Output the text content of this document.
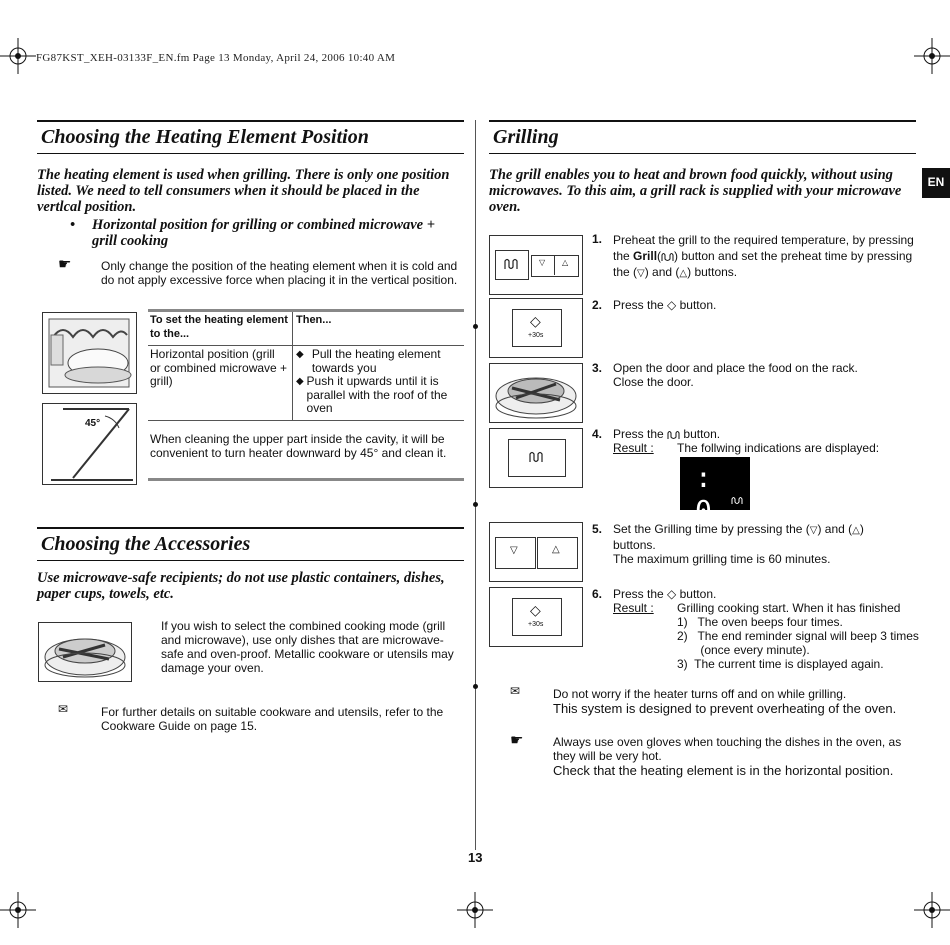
FG87KST_XEH-03133F_EN.fm Page 13 Monday, April 24, 2006 10:40 AM
EN
Choosing the Heating Element Position
The heating element is used when grilling. There is only one position listed. We need to tell consumers when it should be placed in the vertlcal position.
•	Horizontal position for grilling or combined microwave + grill cooking
☛ Only change the position of the heating element when it is cold and do not apply excessive force when placing it in the vertical position.
45°
To set the heating element to the...	Then...
Horizontal position (grill or combined microwave + grill)	◆ Pull the heating element towards you
◆ Push it upwards until it is parallel with the roof of the oven
When cleaning the upper part inside the cavity, it will be convenient to turn heater downward by 45° and clean it.
Choosing the Accessories
Use microwave-safe recipients; do not use plastic containers, dishes, paper cups, towels, etc.
If you wish to select the combined cooking mode (grill and microwave), use only dishes that are microwave-safe and oven-proof. Metallic cookware or utensils may damage your oven.
✉	For further details on suitable cookware and utensils, refer to the Cookware Guide on page 15.
Grilling
The grill enables you to heat and brown food quickly, without using microwaves. To this aim, a grill rack is supplied with your microwave oven.
▽ △
◇
+30s
▽	△
◇
+30s
1. Preheat the grill to the required temperature, by pressing
the Grill( ) button and set the preheat time by pressing
the (▽) and (△) buttons.
2. Press the ◇ button.
3. Open the door and place the food on the rack.
Close the door.
4. Press the button.
Result : The follwing indications are displayed:
: 0
5. Set the Grilling time by pressing the (▽) and (△)
buttons.
The maximum grilling time is 60 minutes.
6. Press the ◇ button.
Result : Grilling cooking start. When it has finished
1)   The oven beeps four times.
2)   The end reminder signal will beep 3 times
(once every minute).
3)  The current time is displayed again.
✉	Do not worry if the heater turns off and on while grilling.
This system is designed to prevent overheating of the oven.
☛ Always use oven gloves when touching the dishes in the oven, as they will be very hot.
Check that the heating element is in the horizontal position.
13
